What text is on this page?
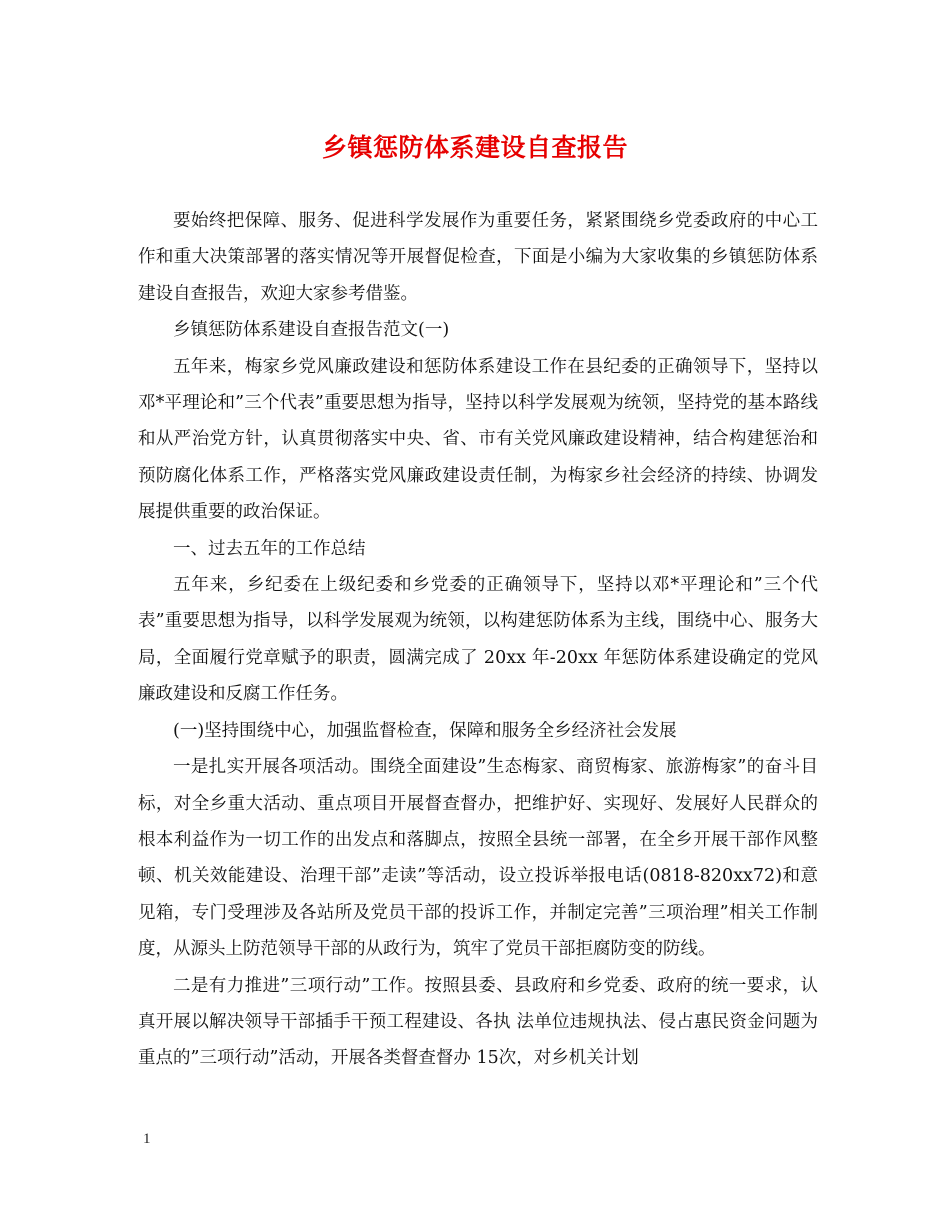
乡镇惩防体系建设自查报告

要始终把保障、服务、促进科学发展作为重要任务，紧紧围绕乡党委政府的中心工作和重大决策部署的落实情况等开展督促检查，下面是小编为大家收集的乡镇惩防体系建设自查报告，欢迎大家参考借鉴。

乡镇惩防体系建设自查报告范文(一)

五年来，梅家乡党风廉政建设和惩防体系建设工作在县纪委的正确领导下，坚持以邓*平理论和”三个代表”重要思想为指导，坚持以科学发展观为统领，坚持党的基本路线和从严治党方针，认真贯彻落实中央、省、市有关党风廉政建设精神，结合构建惩治和预防腐化体系工作，严格落实党风廉政建设责任制，为梅家乡社会经济的持续、协调发展提供重要的政治保证。

一、过去五年的工作总结

五年来，乡纪委在上级纪委和乡党委的正确领导下，坚持以邓*平理论和”三个代表”重要思想为指导，以科学发展观为统领，以构建惩防体系为主线，围绕中心、服务大局，全面履行党章赋予的职责，圆满完成了 20xx 年-20xx 年惩防体系建设确定的党风廉政建设和反腐工作任务。

(一)坚持围绕中心，加强监督检查，保障和服务全乡经济社会发展

一是扎实开展各项活动。围绕全面建设”生态梅家、商贸梅家、旅游梅家”的奋斗目标，对全乡重大活动、重点项目开展督查督办，把维护好、实现好、发展好人民群众的根本利益作为一切工作的出发点和落脚点，按照全县统一部署，在全乡开展干部作风整顿、机关效能建设、治理干部”走读”等活动，设立投诉举报电话(0818-820xx72)和意见箱，专门受理涉及各站所及党员干部的投诉工作，并制定完善”三项治理”相关工作制度，从源头上防范领导干部的从政行为，筑牢了党员干部拒腐防变的防线。

二是有力推进”三项行动”工作。按照县委、县政府和乡党委、政府的统一要求，认真开展以解决领导干部插手干预工程建设、各执 法单位违规执法、侵占惠民资金问题为重点的”三项行动”活动，开展各类督查督办 15次，对乡机关计划

1
